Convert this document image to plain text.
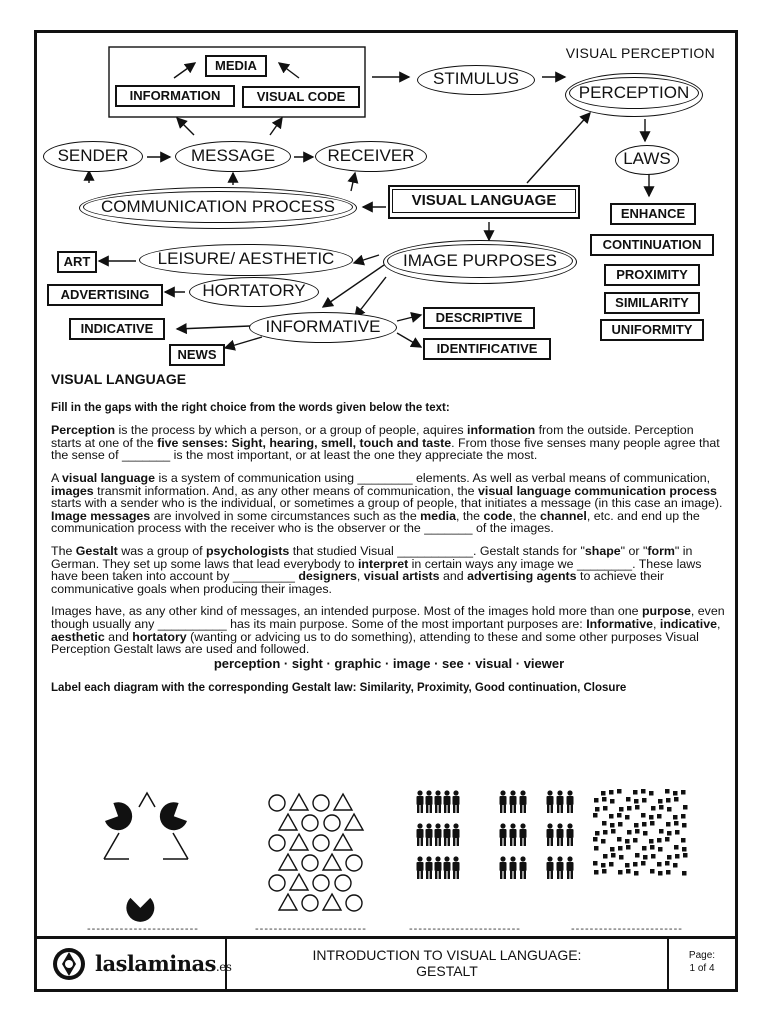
VISUAL PERCEPTION
MEDIA
INFORMATION	VISUAL CODE
STIMULUS
PERCEPTION
SENDER	MESSAGE	RECEIVER	LAWS
COMMUNICATION PROCESS	VISUAL LANGUAGE
ENHANCE
CONTINUATION
PROXIMITY
SIMILARITY
UNIFORMITY
ART	LEISURE/ AESTHETIC	IMAGE PURPOSES
ADVERTISING	HORTATORY
INDICATIVE	INFORMATIVE	DESCRIPTIVE
NEWS	IDENTIFICATIVE
VISUAL LANGUAGE

Fill in the gaps with the right choice from the words given below the text:

Perception is the process by which a person, or a group of people, aquires information from the outside. Perception starts at one of the five senses: Sight, hearing, smell, touch and taste. From those five senses many people agree that the sense of _______ is the most important, or at least the one they appreciate the most.

A visual language is a system of communication using ________ elements. As well as verbal means of communication, images transmit information. And, as any other means of communication, the visual language communication process starts with a sender who is the individual, or sometimes a group of people, that initiates a message (in this case an image). Image messages are involved in some circumstances such as the media, the code, the channel, etc. and end up the communication process with the receiver who is the observer or the _______ of the images.

The Gestalt was a group of psychologists that studied Visual ___________. Gestalt stands for "shape" or "form" in German. They set up some laws that lead everybody to interpret in certain ways any image we ________. These laws have been taken into account by _________ designers, visual artists and advertising agents to achieve their communicative goals when producing their images.

Images have, as any other kind of messages, an intended purpose. Most of the images hold more than one purpose, even though usually any __________ has its main purpose. Some of the most important purposes are: Informative, indicative, aesthetic and hortatory (wanting or advicing us to do something), attending to these and some other purposes Visual Perception Gestalt laws are used and followed.

perception · sight · graphic · image · see · visual · viewer

Label each diagram with the corresponding Gestalt law: Similarity, Proximity, Good continuation, Closure

------------------------	------------------------	------------------------	------------------------
laslaminas.es
INTRODUCTION TO VISUAL LANGUAGE:
GESTALT
Page:
1 of 4
